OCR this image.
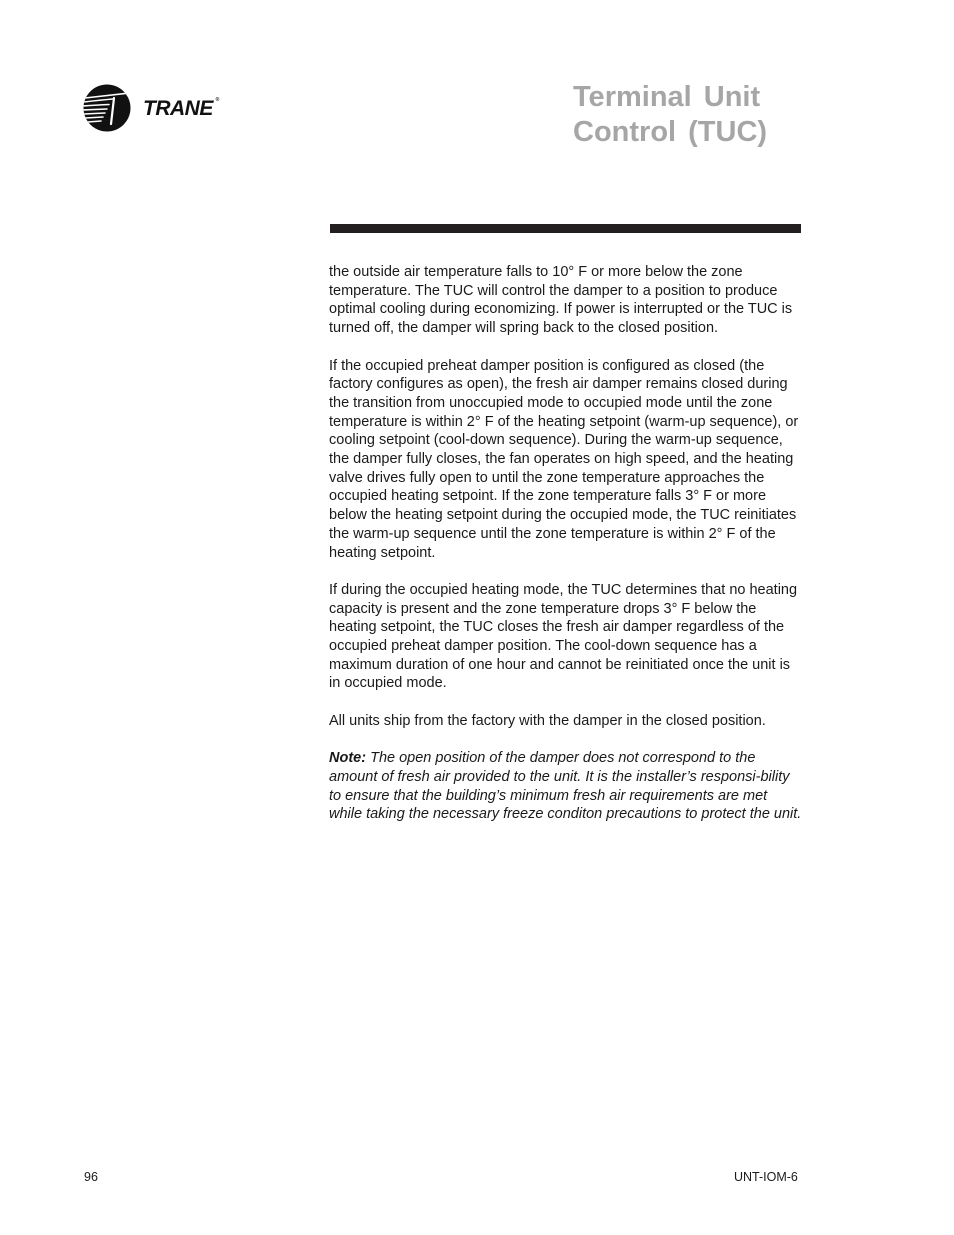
TRANE ®	Terminal Unit
Control (TUC)

the outside air temperature falls to 10° F or more below the zone temperature. The TUC will control the damper to a position to produce optimal cooling during economizing. If power is interrupted or the TUC is turned off, the damper will spring back to the closed position.

If the occupied preheat damper position is configured as closed (the factory configures as open), the fresh air damper remains closed during the transition from unoccupied mode to occupied mode until the zone temperature is within 2° F of the heating setpoint (warm-up sequence), or cooling setpoint (cool-down sequence). During the warm-up sequence, the damper fully closes, the fan operates on high speed, and the heating valve drives fully open to until the zone temperature approaches the occupied heating setpoint. If the zone temperature falls 3° F or more below the heating setpoint during the occupied mode, the TUC reinitiates the warm-up sequence until the zone temperature is within 2° F of the heating setpoint.

If during the occupied heating mode, the TUC determines that no heating capacity is present and the zone temperature drops 3° F below the heating setpoint, the TUC closes the fresh air damper regardless of the occupied preheat damper position. The cool-down sequence has a maximum duration of one hour and cannot be reinitiated once the unit is in occupied mode.

All units ship from the factory with the damper in the closed position.

Note: The open position of the damper does not correspond to the amount of fresh air provided to the unit. It is the installer’s responsi-bility to ensure that the building’s minimum fresh air requirements are met while taking the necessary freeze conditon precautions to protect the unit.

96	UNT-IOM-6
